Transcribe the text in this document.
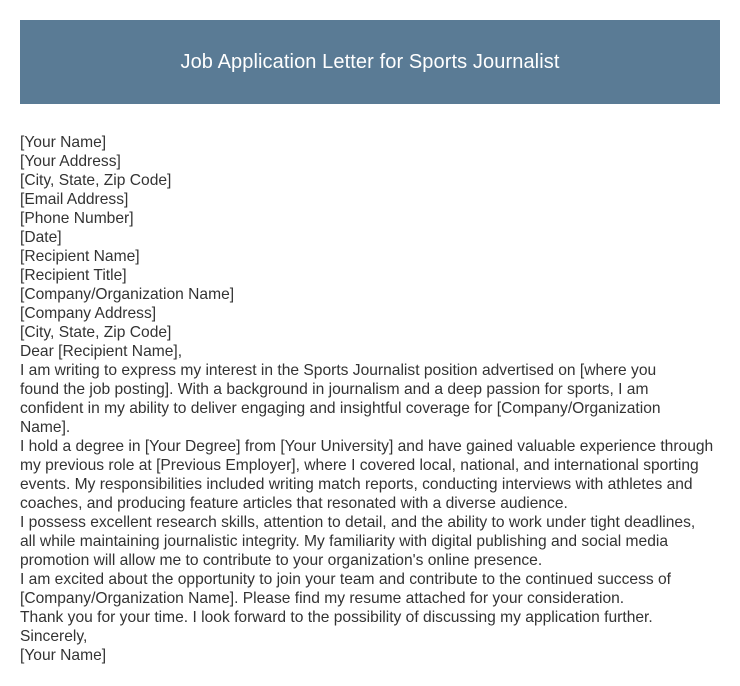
Job Application Letter for Sports Journalist
[Your Name]
[Your Address]
[City, State, Zip Code]
[Email Address]
[Phone Number]
[Date]
[Recipient Name]
[Recipient Title]
[Company/Organization Name]
[Company Address]
[City, State, Zip Code]
Dear [Recipient Name],
I am writing to express my interest in the Sports Journalist position advertised on [where you
found the job posting]. With a background in journalism and a deep passion for sports, I am
confident in my ability to deliver engaging and insightful coverage for [Company/Organization
Name].
I hold a degree in [Your Degree] from [Your University] and have gained valuable experience through
my previous role at [Previous Employer], where I covered local, national, and international sporting
events. My responsibilities included writing match reports, conducting interviews with athletes and
coaches, and producing feature articles that resonated with a diverse audience.
I possess excellent research skills, attention to detail, and the ability to work under tight deadlines,
all while maintaining journalistic integrity. My familiarity with digital publishing and social media
promotion will allow me to contribute to your organization's online presence.
I am excited about the opportunity to join your team and contribute to the continued success of
[Company/Organization Name]. Please find my resume attached for your consideration.
Thank you for your time. I look forward to the possibility of discussing my application further.
Sincerely,
[Your Name]
